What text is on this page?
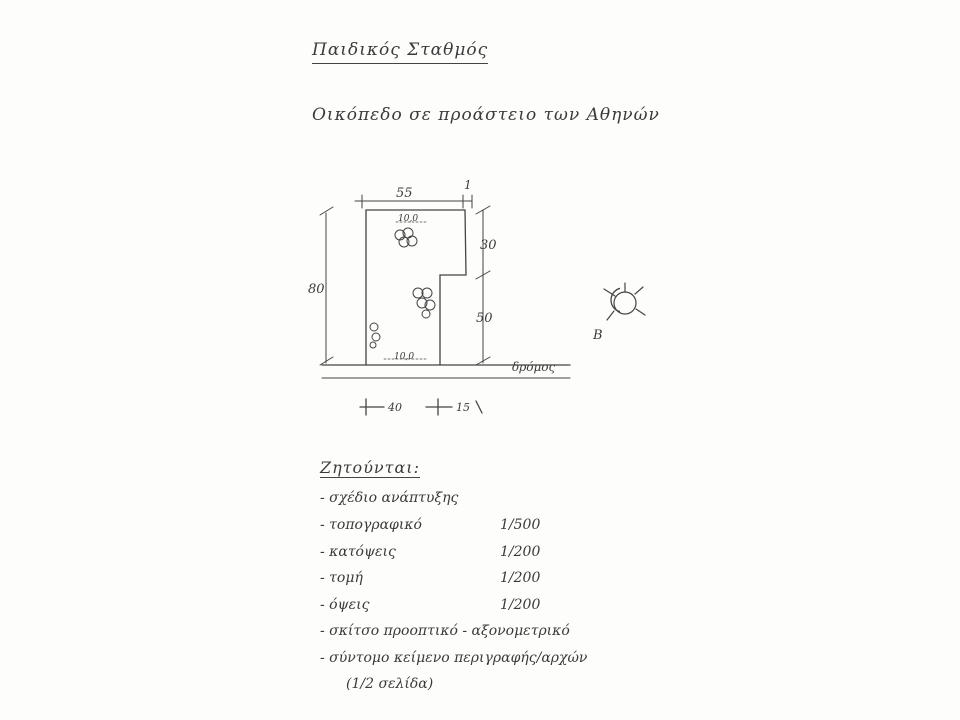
Παιδικός Σταθμός
Οικόπεδο σε προάστειο των Αθηνών
55
1
80
30
50
10,0
10,0
δρόμος
40	15
Β
Ζητούνται:
- σχέδιο ανάπτυξης
- τοπογραφικό	1/500
- κατόψεις	1/200
- τομή	1/200
- όψεις	1/200
- σκίτσο προοπτικό - αξονομετρικό
- σύντομο κείμενο περιγραφής/αρχών
(1/2 σελίδα)
